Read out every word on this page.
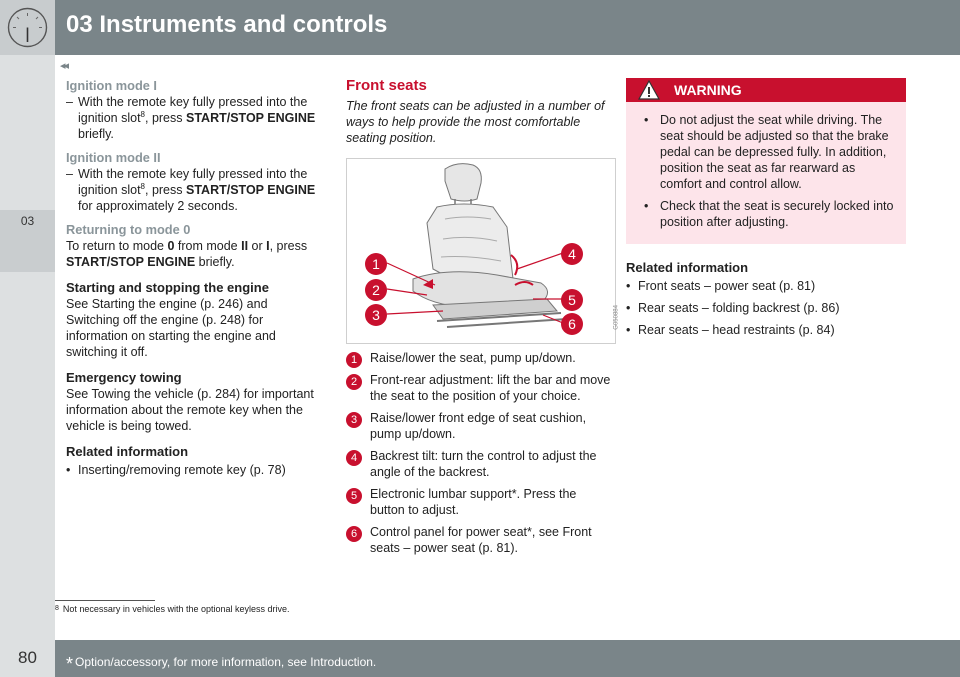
03 Instruments and controls
◂◂
03
Ignition mode I
– With the remote key fully pressed into the ignition slot$^8$, press START/STOP ENGINE briefly.
Ignition mode II
– With the remote key fully pressed into the ignition slot$^8$, press START/STOP ENGINE for approximately 2 seconds.
Returning to mode 0
To return to mode 0 from mode II or I, press START/STOP ENGINE briefly.
Starting and stopping the engine
See Starting the engine (p. 246) and Switching off the engine (p. 248) for information on starting the engine and switching it off.
Emergency towing
See Towing the vehicle (p. 284) for important information about the remote key when the vehicle is being towed.
Related information
• Inserting/removing remote key (p. 78)
Front seats
The front seats can be adjusted in a number of ways to help provide the most comfortable seating position.
1
2
3
4
5
6	G050884
1	Raise/lower the seat, pump up/down.
2	Front-rear adjustment: lift the bar and move the seat to the position of your choice.
3	Raise/lower front edge of seat cushion, pump up/down.
4	Backrest tilt: turn the control to adjust the angle of the backrest.
5	Electronic lumbar support*. Press the button to adjust.
6	Control panel for power seat*, see Front seats – power seat (p. 81).
WARNING
• Do not adjust the seat while driving. The seat should be adjusted so that the brake pedal can be depressed fully. In addition, position the seat as far rearward as comfort and control allow.
• Check that the seat is securely locked into position after adjusting.
Related information
• Front seats – power seat (p. 81)
• Rear seats – folding backrest (p. 86)
• Rear seats – head restraints (p. 84)
$^8$ Not necessary in vehicles with the optional keyless drive.
80	* Option/accessory, for more information, see Introduction.
